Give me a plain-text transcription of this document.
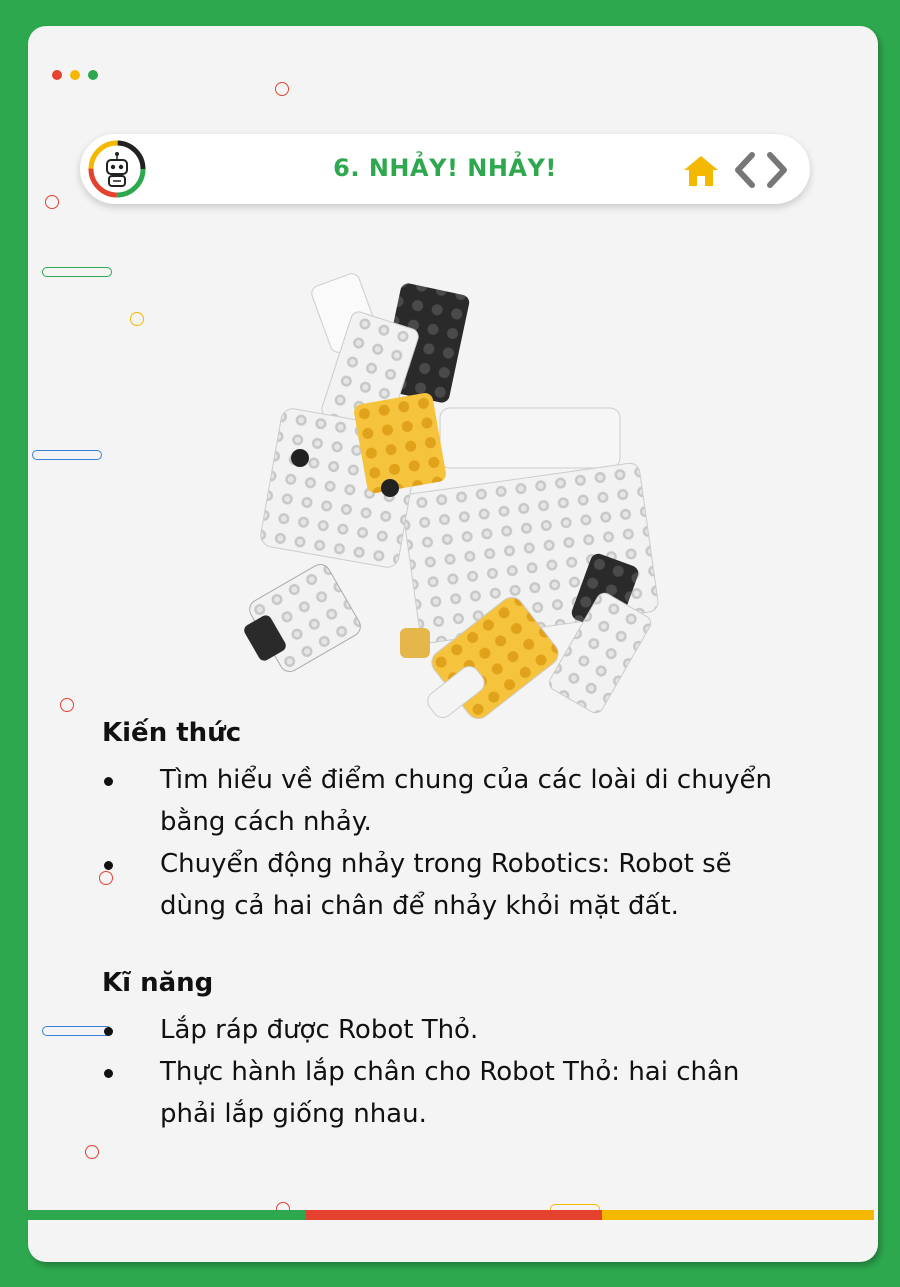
6. NHẢY! NHẢY!
Kiến thức
Tìm hiểu về điểm chung của các loài di chuyển bằng cách nhảy.
Chuyển động nhảy trong Robotics: Robot sẽ dùng cả hai chân để nhảy khỏi mặt đất.
Kĩ năng
Lắp ráp được Robot Thỏ.
Thực hành lắp chân cho Robot Thỏ: hai chân phải lắp giống nhau.
